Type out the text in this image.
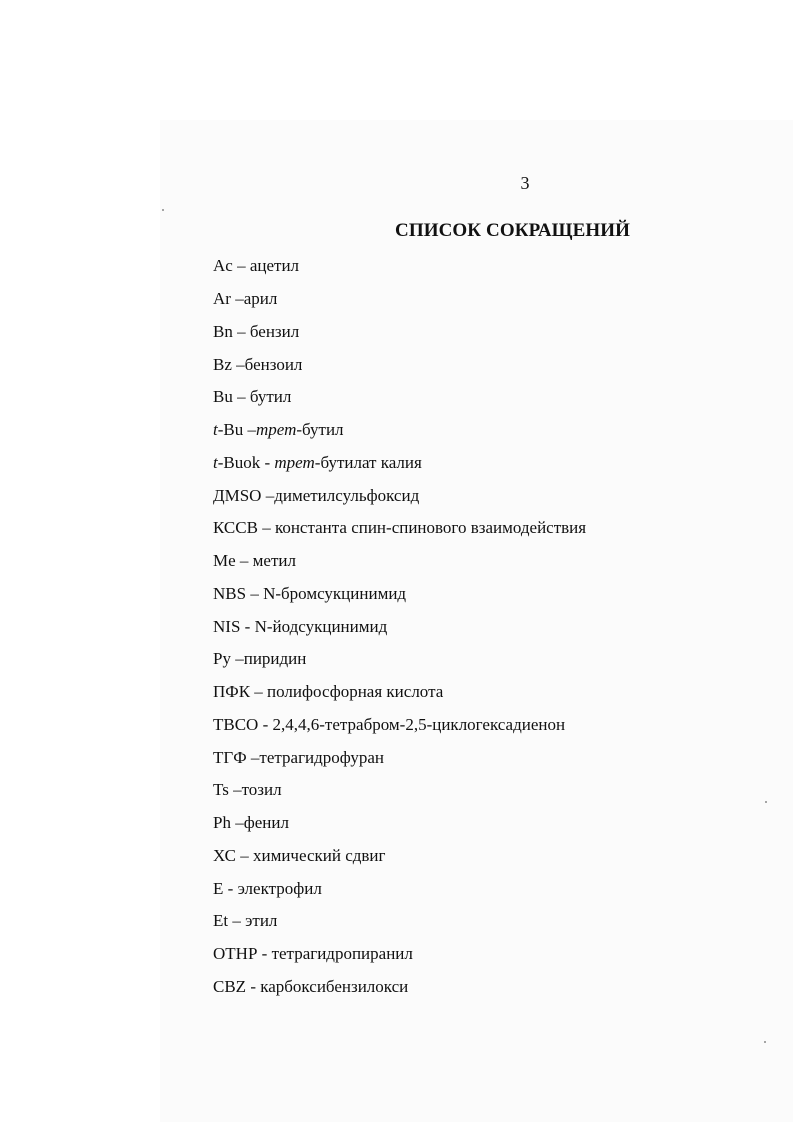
3
СПИСОК СОКРАЩЕНИЙ
Ac – ацетил
Ar – арил
Bn – бензил
Bz – бензоил
Bu – бутил
t-Bu – трет -бутил
t-Buok - трет -бутилат калия
ДМSO – диметилсульфоксид
КССВ – константа спин-спинового взаимодействия
Me – метил
NBS – N-бромсукцинимид
NIS - N-йодсукцинимид
Py – пиридин
ПФК – полифосфорная кислота
TBCO - 2,4,4,6-тетрабром-2,5-циклогексадиенон
ТГФ – тетрагидрофуран
Ts – тозил
Ph – фенил
ХС – химический сдвиг
E - электрофил
Et – этил
OTHP - тетрагидропиранил
CBZ - карбоксибензилокси
